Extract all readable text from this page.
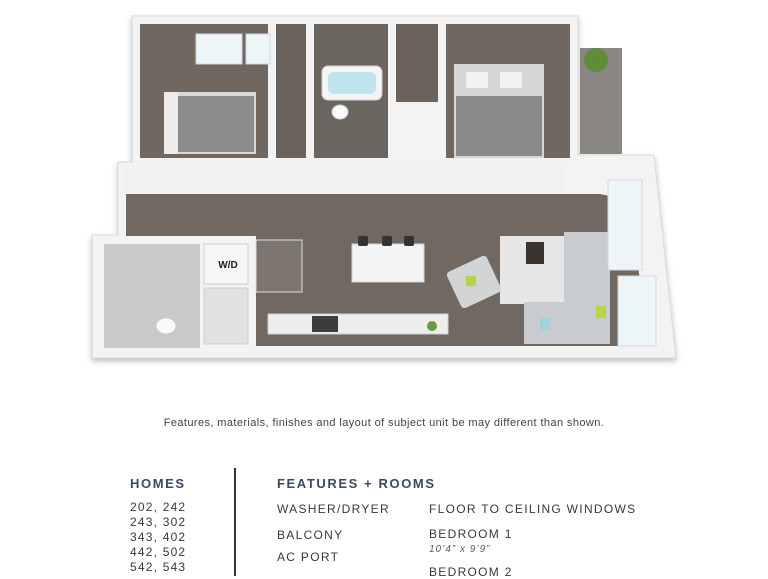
W/D
Features, materials, finishes and layout of subject unit be may different than shown.
HOMES
202, 242
243, 302
343, 402
442, 502
542, 543
FEATURES + ROOMS
WASHER/DRYER
BALCONY
AC PORT
FLOOR TO CEILING WINDOWS
BEDROOM 1
10’4” x 9’9”
BEDROOM 2
